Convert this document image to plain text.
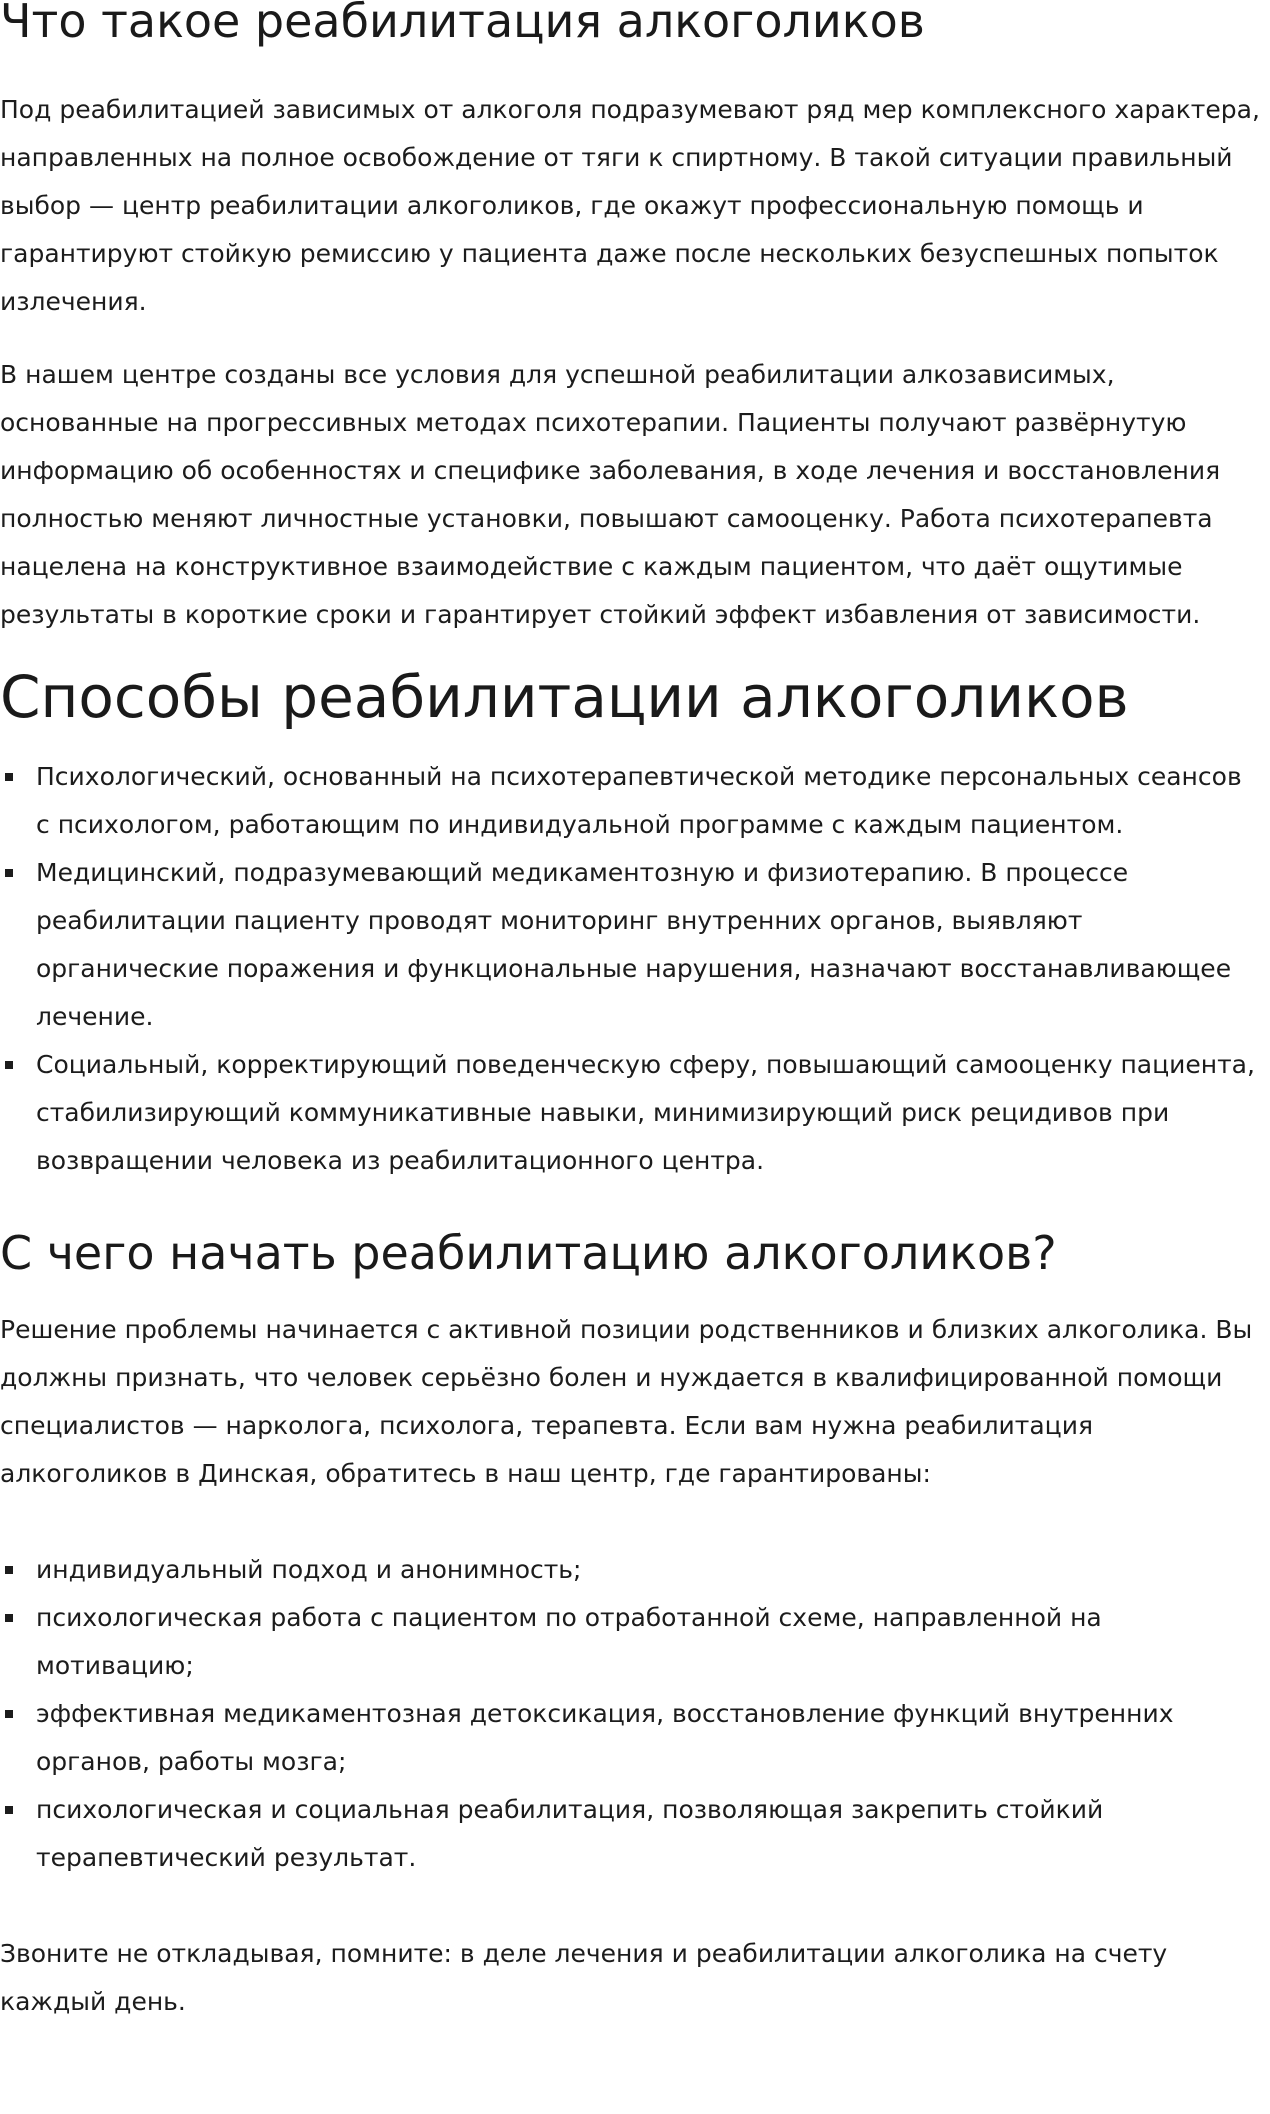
Что такое реабилитация алкоголиков

Под реабилитацией зависимых от алкоголя подразумевают ряд мер комплексного характера, направленных на полное освобождение от тяги к спиртному. В такой ситуации правильный выбор — центр реабилитации алкоголиков, где окажут профессиональную помощь и гарантируют стойкую ремиссию у пациента даже после нескольких безуспешных попыток излечения.

В нашем центре созданы все условия для успешной реабилитации алкозависимых, основанные на прогрессивных методах психотерапии. Пациенты получают развёрнутую информацию об особенностях и специфике заболевания, в ходе лечения и восстановления полностью меняют личностные установки, повышают самооценку. Работа психотерапевта нацелена на конструктивное взаимодействие с каждым пациентом, что даёт ощутимые результаты в короткие сроки и гарантирует стойкий эффект избавления от зависимости.

Способы реабилитации алкоголиков
Психологический, основанный на психотерапевтической методике персональных сеансов с психологом, работающим по индивидуальной программе с каждым пациентом.
Медицинский, подразумевающий медикаментозную и физиотерапию. В процессе реабилитации пациенту проводят мониторинг внутренних органов, выявляют органические поражения и функциональные нарушения, назначают восстанавливающее лечение.
Социальный, корректирующий поведенческую сферу, повышающий самооценку пациента, стабилизирующий коммуникативные навыки, минимизирующий риск рецидивов при возвращении человека из реабилитационного центра.
С чего начать реабилитацию алкоголиков?

Решение проблемы начинается с активной позиции родственников и близких алкоголика. Вы должны признать, что человек серьёзно болен и нуждается в квалифицированной помощи специалистов — нарколога, психолога, терапевта. Если вам нужна реабилитация алкоголиков в Динская, обратитесь в наш центр, где гарантированы:

индивидуальный подход и анонимность;
психологическая работа с пациентом по отработанной схеме, направленной на мотивацию;
эффективная медикаментозная детоксикация, восстановление функций внутренних органов, работы мозга;
психологическая и социальная реабилитация, позволяющая закрепить стойкий терапевтический результат.

Звоните не откладывая, помните: в деле лечения и реабилитации алкоголика на счету каждый день.
